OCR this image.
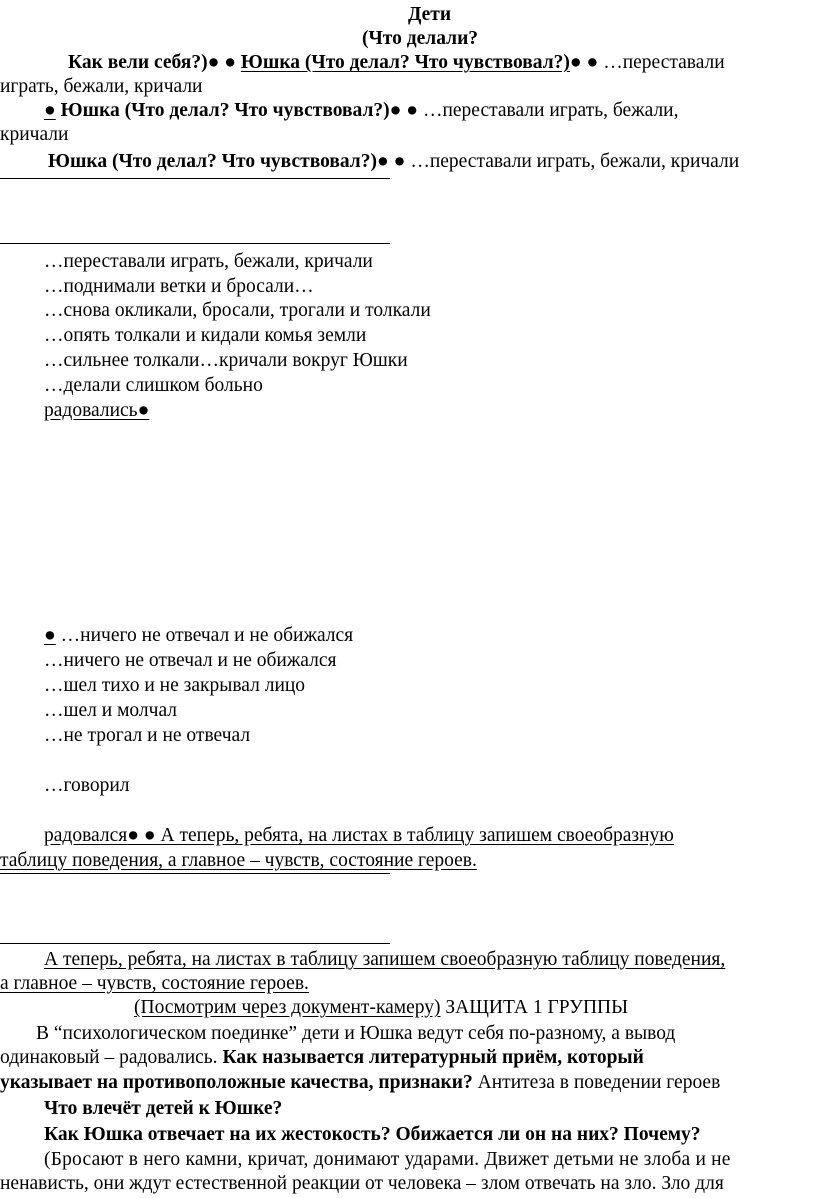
Дети
(Что делали?
Как вели себя?)● ● Юшка (Что делал? Что чувствовал?)● ● …переставали
играть, бежали, кричали
● Юшка (Что делал? Что чувствовал?)● ● …переставали играть, бежали,
кричали
Юшка (Что делал? Что чувствовал?)● ● …переставали играть, бежали, кричали
…переставали играть, бежали, кричали
…поднимали ветки и бросали…
…снова окликали, бросали, трогали и толкали
…опять толкали и кидали комья земли
…сильнее толкали…кричали вокруг Юшки
…делали слишком больно
радовались●
● …ничего не отвечал и не обижался
…ничего не отвечал и не обижался
…шел тихо и не закрывал лицо
…шел и молчал
…не трогал и не отвечал
…говорил
радовался● ● А теперь, ребята, на листах в таблицу запишем своеобразную
таблицу поведения, а главное – чувств, состояние героев.
А теперь, ребята, на листах в таблицу запишем своеобразную таблицу поведения,
а главное – чувств, состояние героев.
(Посмотрим через документ-камеру) ЗАЩИТА 1 ГРУППЫ
В “психологическом поединке” дети и Юшка ведут себя по-разному, а вывод
одинаковый – радовались. Как называется литературный приём, который
указывает на противоположные качества, признаки? Антитеза в поведении героев
Что влечёт детей к Юшке?
Как Юшка отвечает на их жестокость? Обижается ли он на них? Почему?
(Бросают в него камни, кричат, донимают ударами. Движет детьми не злоба и не
ненависть, они ждут естественной реакции от человека – злом отвечать на зло. Зло для
